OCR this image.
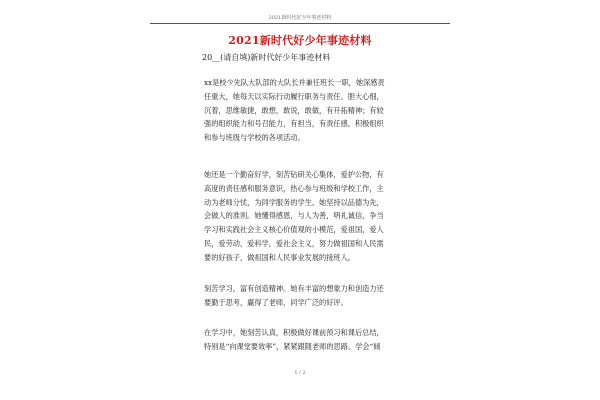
2021新时代好少年事迹材料
2021新时代好少年事迹材料
20__(请自填)新时代好少年事迹材料

xx是校少先队大队部的大队长并兼任班长一职，她深感责
任重大，她每天以实际行动履行职务与责任。胆大心细，
沉着，思维敏捷，敢想，敢说，敢做，有开拓精神；有较
强的组织能力和号召能力，有担当，有责任感，积极组织
和参与班级与学校的各项活动。

她还是一个勤奋好学，刻苦钻研关心集体，爱护公物，有
高度的责任感和服务意识，热心参与班级和学校工作，主
动为老师分忧，为同学服务的学生。她坚持以品德为先，
会做人的准则。她懂得感恩，与人为善，明礼诚信，争当
学习和实践社会主义核心价值观的小模范，爱祖国，爱人
民，爱劳动，爱科学，爱社会主义，努力做祖国和人民需
要的好孩子，做祖国和人民事业发展的接班人。

刻苦学习，富有创造精神。她有丰富的想象力和创造力还
要勤于思考，赢得了老师，同学广泛的好评。

在学习中，她刻苦认真，积极做好课前预习和课后总结，
特别是“向课堂要效率”，紧紧跟随老师的思路。学会“倾

1 / 2
